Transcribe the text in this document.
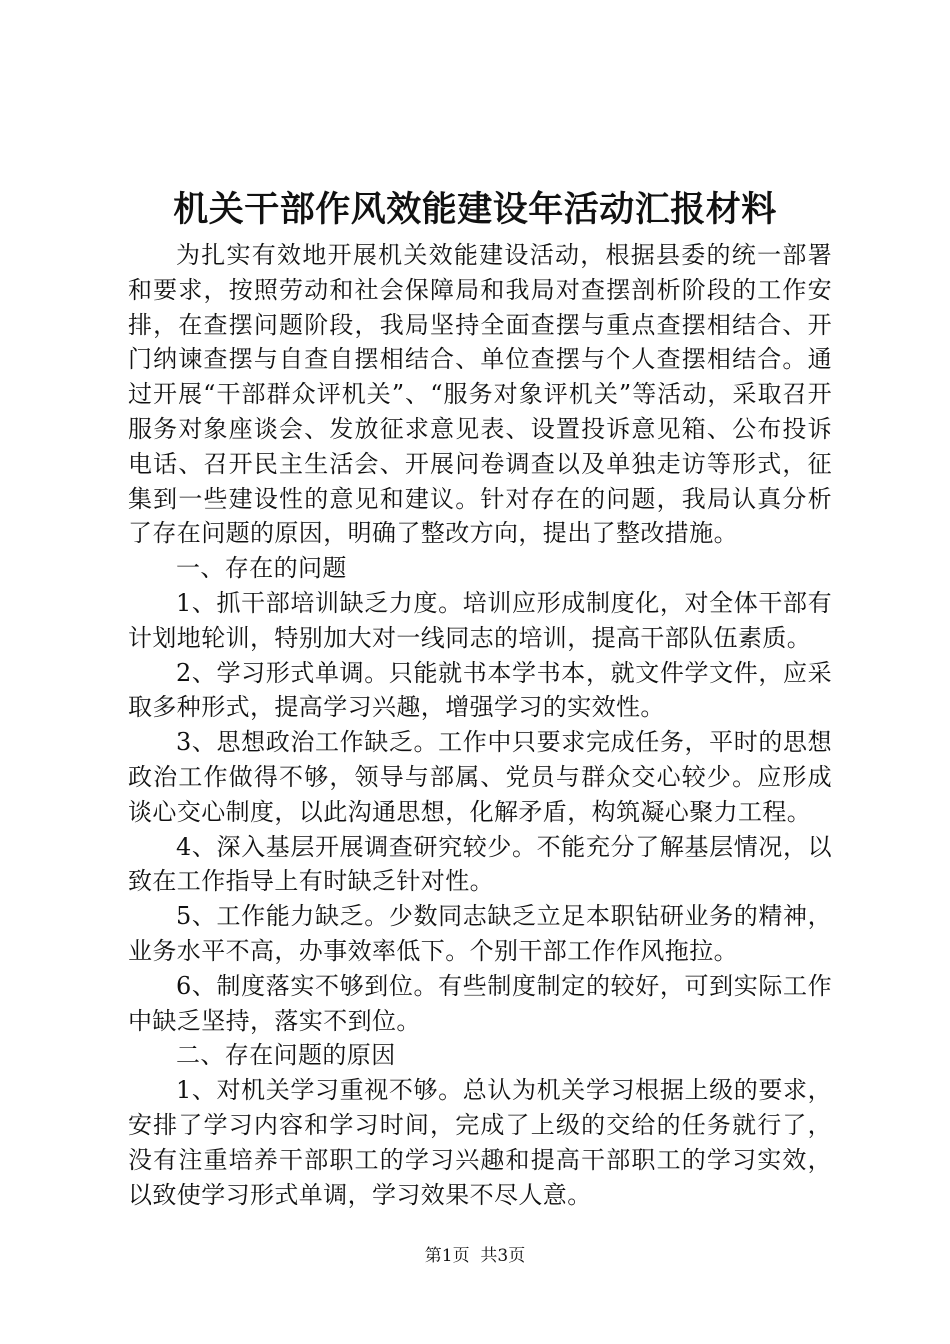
机关干部作风效能建设年活动汇报材料

为扎实有效地开展机关效能建设活动，根据县委的统一部署和要求，按照劳动和社会保障局和我局对查摆剖析阶段的工作安排，在查摆问题阶段，我局坚持全面查摆与重点查摆相结合、开门纳谏查摆与自查自摆相结合、单位查摆与个人查摆相结合。通过开展“干部群众评机关”、“服务对象评机关”等活动，采取召开服务对象座谈会、发放征求意见表、设置投诉意见箱、公布投诉电话、召开民主生活会、开展问卷调查以及单独走访等形式，征集到一些建设性的意见和建议。针对存在的问题，我局认真分析了存在问题的原因，明确了整改方向，提出了整改措施。

一、存在的问题

1、抓干部培训缺乏力度。培训应形成制度化，对全体干部有计划地轮训，特别加大对一线同志的培训，提高干部队伍素质。

2、学习形式单调。只能就书本学书本，就文件学文件，应采取多种形式，提高学习兴趣，增强学习的实效性。

3、思想政治工作缺乏。工作中只要求完成任务，平时的思想政治工作做得不够，领导与部属、党员与群众交心较少。应形成谈心交心制度，以此沟通思想，化解矛盾，构筑凝心聚力工程。

4、深入基层开展调查研究较少。不能充分了解基层情况，以致在工作指导上有时缺乏针对性。

5、工作能力缺乏。少数同志缺乏立足本职钻研业务的精神，业务水平不高，办事效率低下。个别干部工作作风拖拉。

6、制度落实不够到位。有些制度制定的较好，可到实际工作中缺乏坚持，落实不到位。

二、存在问题的原因

1、对机关学习重视不够。总认为机关学习根据上级的要求，安排了学习内容和学习时间，完成了上级的交给的任务就行了，没有注重培养干部职工的学习兴趣和提高干部职工的学习实效，以致使学习形式单调，学习效果不尽人意。

第1页 共3页
